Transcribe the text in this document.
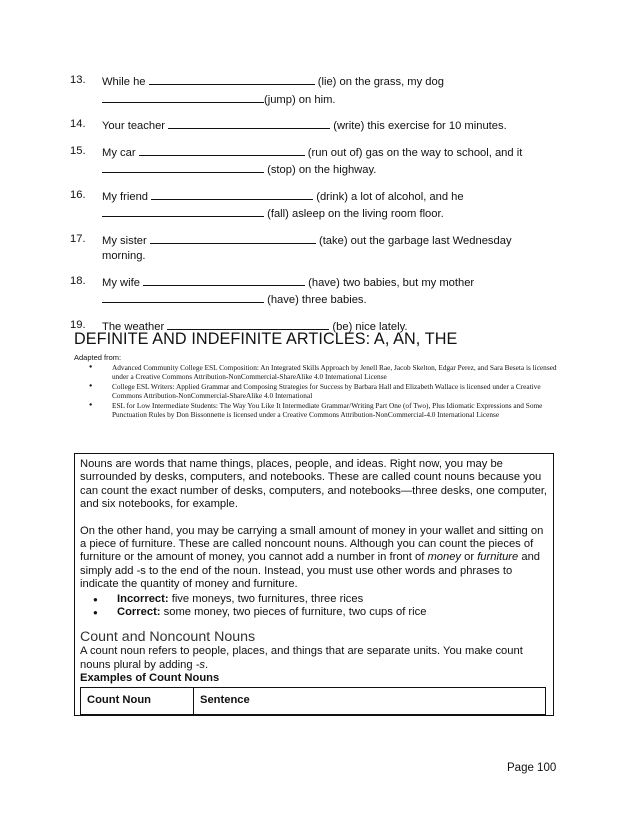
13.	While he	(lie) on the grass, my dog
(jump) on him.
14.	Your teacher	(write) this exercise for 10 minutes.
15.	My car	(run out of) gas on the way to school, and it
(stop) on the highway.
16.	My friend	(drink) a lot of alcohol, and he
(fall) asleep on the living room floor.
17.	My sister	(take) out the garbage last Wednesday morning.
18.	My wife	(have) two babies, but my mother
(have) three babies.
19.	The weather	(be) nice lately.
DEFINITE AND INDEFINITE ARTICLES: A, AN, THE
Adapted from:
● Advanced Community College ESL Composition: An Integrated Skills Approach by Jenell Rae, Jacob Skelton, Edgar Perez, and Sara Beseta is licensed under a Creative Commons Attribution-NonCommercial-ShareAlike 4.0 International License
● College ESL Writers: Applied Grammar and Composing Strategies for Success by Barbara Hall and Elizabeth Wallace is licensed under a Creative Commons Attribution-NonCommercial-ShareAlike 4.0 International
● ESL for Low Intermediate Students: The Way You Like It Intermediate Grammar/Writing Part One (of Two), Plus Idiomatic Expressions and Some Punctuation Rules by Don Bissonnette is licensed under a Creative Commons Attribution-NonCommercial-4.0 International License

Nouns are words that name things, places, people, and ideas. Right now, you may be surrounded by desks, computers, and notebooks. These are called count nouns because you can count the exact number of desks, computers, and notebooks—three desks, one computer, and six notebooks, for example.

On the other hand, you may be carrying a small amount of money in your wallet and sitting on a piece of furniture. These are called noncount nouns. Although you can count the pieces of furniture or the amount of money, you cannot add a number in front of money or furniture and simply add -s to the end of the noun. Instead, you must use other words and phrases to indicate the quantity of money and furniture.

● Incorrect: five moneys, two furnitures, three rices
● Correct: some money, two pieces of furniture, two cups of rice
Count and Noncount Nouns

A count noun refers to people, places, and things that are separate units. You make count nouns plural by adding -s.

Examples of Count Nouns
Count Noun	Sentence
Page 100
